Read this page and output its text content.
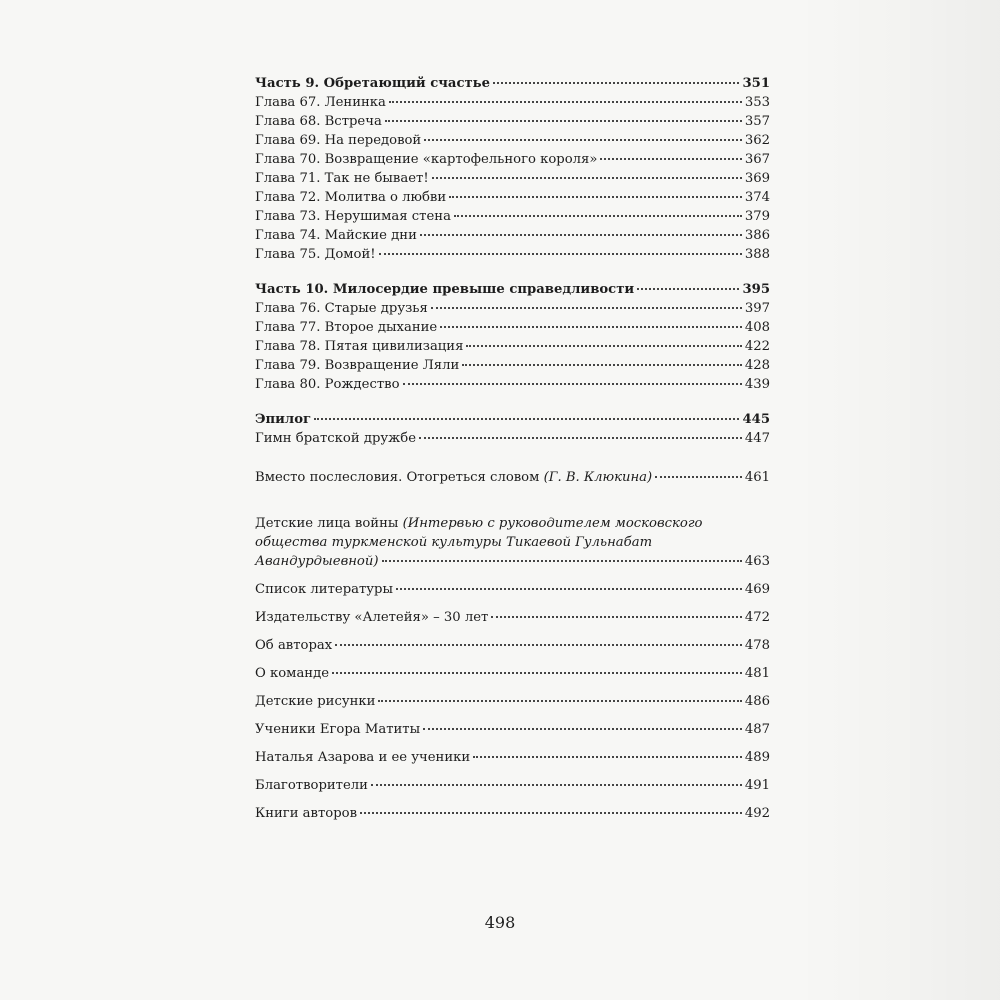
Часть 9. Обретающий счастье	351
Глава 67. Ленинка	353
Глава 68. Встреча	357
Глава 69. На передовой	362
Глава 70. Возвращение «картофельного короля»	367
Глава 71. Так не бывает!	369
Глава 72. Молитва о любви	374
Глава 73. Нерушимая стена	379
Глава 74. Майские дни	386
Глава 75. Домой!	388
Часть 10. Милосердие превыше справедливости	395
Глава 76. Старые друзья	397
Глава 77. Второе дыхание	408
Глава 78. Пятая цивилизация	422
Глава 79. Возвращение Ляли	428
Глава 80. Рождество	439
Эпилог	445
Гимн братской дружбе	447
Вместо послесловия. Отогреться словом (Г. В. Клюкина)	461
Детские лица войны (Интервью с руководителем московского
общества туркменской культуры Тикаевой Гульнабат
Авандурдыевной)	463
Список литературы	469
Издательству «Алетейя» – 30 лет	472
Об авторах	478
О команде	481
Детские рисунки	486
Ученики Егора Матиты	487
Наталья Азарова и ее ученики	489
Благотворители	491
Книги авторов	492
498
